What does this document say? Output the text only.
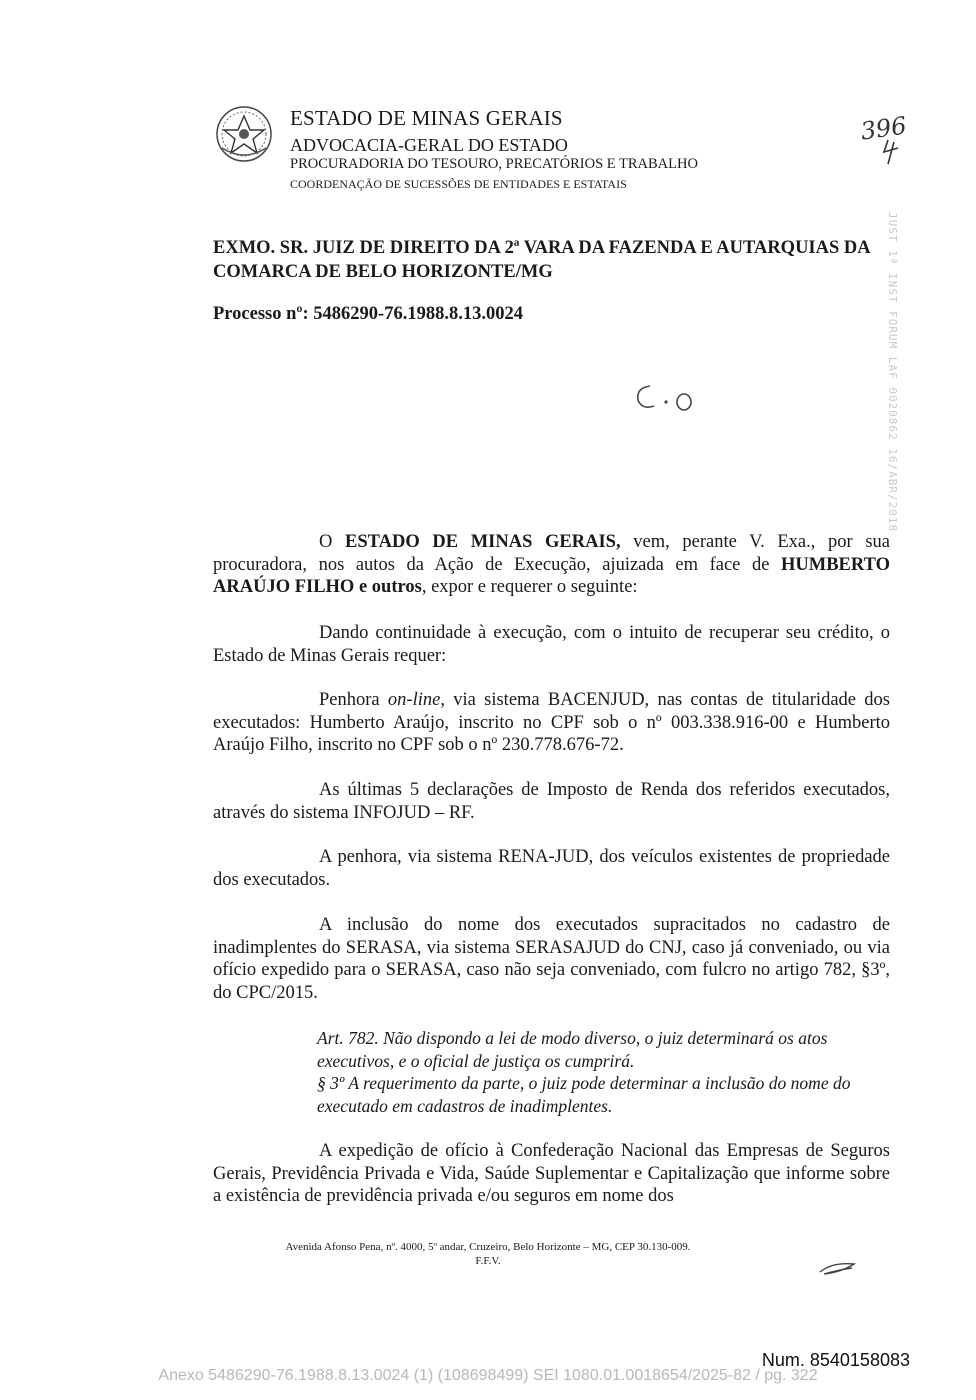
ESTADO DE MINAS GERAIS
ADVOCACIA-GERAL DO ESTADO
PROCURADORIA DO TESOURO, PRECATÓRIOS E TRABALHO
COORDENAÇÃO DE SUCESSÕES DE ENTIDADES E ESTATAIS
396
JUST 1ª INST FORUM LAF 0020862 16/ABR/2018
EXMO. SR. JUIZ DE DIREITO DA 2ª VARA DA FAZENDA E AUTARQUIAS DA COMARCA DE BELO HORIZONTE/MG
Processo nº: 5486290-76.1988.8.13.0024
O ESTADO DE MINAS GERAIS, vem, perante V. Exa., por sua procuradora, nos autos da Ação de Execução, ajuizada em face de HUMBERTO ARAÚJO FILHO e outros, expor e requerer o seguinte:
Dando continuidade à execução, com o intuito de recuperar seu crédito, o Estado de Minas Gerais requer:
Penhora on-line, via sistema BACENJUD, nas contas de titularidade dos executados: Humberto Araújo, inscrito no CPF sob o nº 003.338.916-00 e Humberto Araújo Filho, inscrito no CPF sob o nº 230.778.676-72.
As últimas 5 declarações de Imposto de Renda dos referidos executados, através do sistema INFOJUD – RF.
A penhora, via sistema RENA-JUD, dos veículos existentes de propriedade dos executados.
A inclusão do nome dos executados supracitados no cadastro de inadimplentes do SERASA, via sistema SERASAJUD do CNJ, caso já conveniado, ou via ofício expedido para o SERASA, caso não seja conveniado, com fulcro no artigo 782, §3º, do CPC/2015.
Art. 782. Não dispondo a lei de modo diverso, o juiz determinará os atos executivos, e o oficial de justiça os cumprirá.
§ 3º A requerimento da parte, o juiz pode determinar a inclusão do nome do executado em cadastros de inadimplentes.
A expedição de ofício à Confederação Nacional das Empresas de Seguros Gerais, Previdência Privada e Vida, Saúde Suplementar e Capitalização que informe sobre a existência de previdência privada e/ou seguros em nome dos
Avenida Afonso Pena, nº. 4000, 5º andar, Cruzeiro, Belo Horizonte – MG, CEP 30.130-009.
F.F.V.
Num. 8540158083
Anexo 5486290-76.1988.8.13.0024 (1) (108698499) SEI 1080.01.0018654/2025-82 / pg. 322
